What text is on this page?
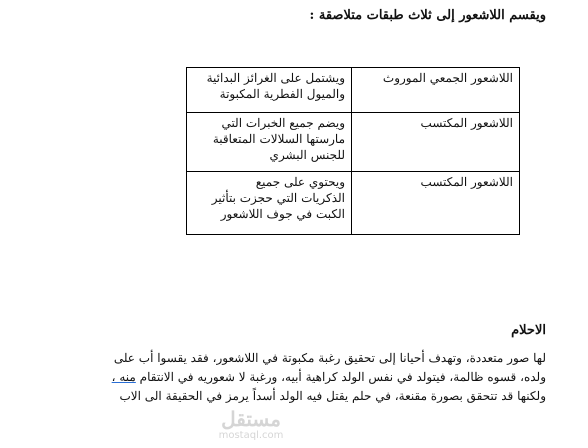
ويقسم اللاشعور إلى ثلاث طبقات متلاصقة :
اللاشعور الجمعي الموروث	ويشتمل على الغرائز البدائية
والميول الفطرية المكبوتة

اللاشعور المكتسب	ويضم جميع الخبرات التي
مارستها السلالات المتعاقبة
للجنس البشري

اللاشعور المكتسب	ويحتوي على جميع
الذكريات التي حجزت بتأثير
الكبت في جوف اللاشعور
الاحلام
لها صور متعددة، وتهدف أحيانا إلى تحقيق رغبة مكبوتة في اللاشعور، فقد يقسوا أب على
ولده، قسوه ظالمة، فيتولد في نفس الولد كراهية أبيه، ورغبة لا شعوريه في الانتقام منه ،
ولكنها قد تتحقق بصورة مقنعة، في حلم يقتل فيه الولد أسداً يرمز في الحقيقة الى الاب
مستقل
mostaql.com
